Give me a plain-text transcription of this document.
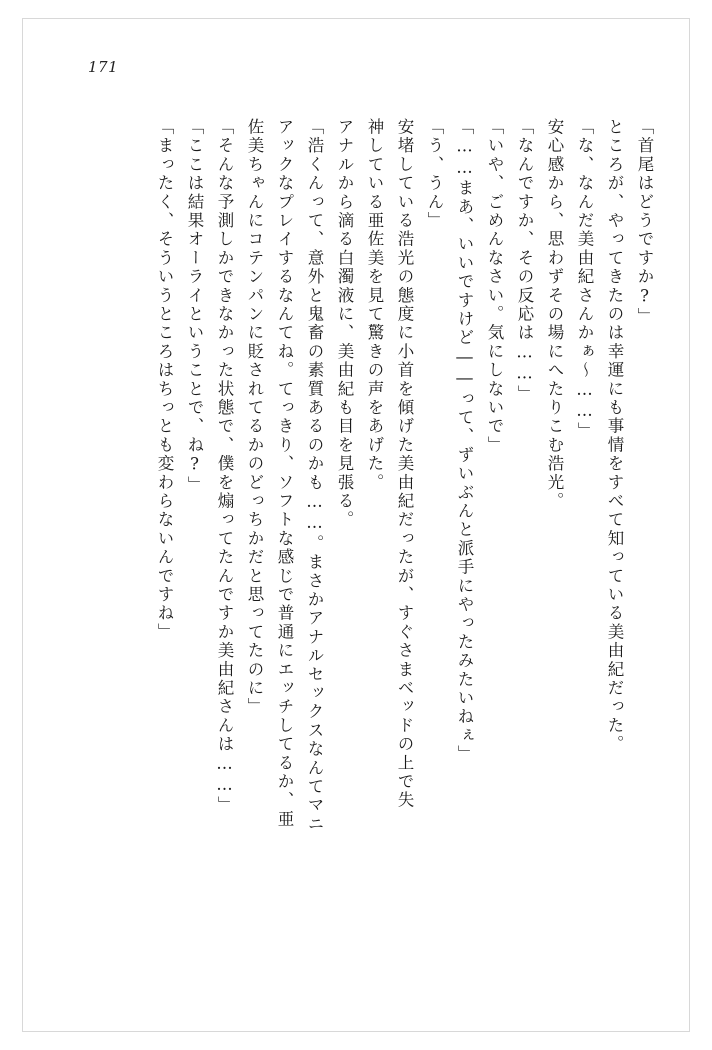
171
「首尾はどうですか?」
ところが、やってきたのは幸運にも事情をすべて知っている美由紀だった。
「な、なんだ美由紀さんかぁ～……」
安心感から、思わずその場にへたりこむ浩光。
「なんですか、その反応は……」
「いや、ごめんなさい。気にしないで」
「……まあ、いいですけど――って、ずいぶんと派手にやったみたいねぇ」
「う、うん」
安堵している浩光の態度に小首を傾げた美由紀だったが、すぐさまベッドの上で失
神している亜佐美を見て驚きの声をあげた。
アナルから滴る白濁液に、美由紀も目を見張る。
「浩くんって、意外と鬼畜の素質あるのかも……。まさかアナルセックスなんてマニ
アックなプレイするなんてね。てっきり、ソフトな感じで普通にエッチしてるか、亜
佐美ちゃんにコテンパンに貶されてるかのどっちかだと思ってたのに」
「そんな予測しかできなかった状態で、僕を煽ってたんですか美由紀さんは……」
「ここは結果オーライということで、ね?」
「まったく、そういうところはちっとも変わらないんですね」
